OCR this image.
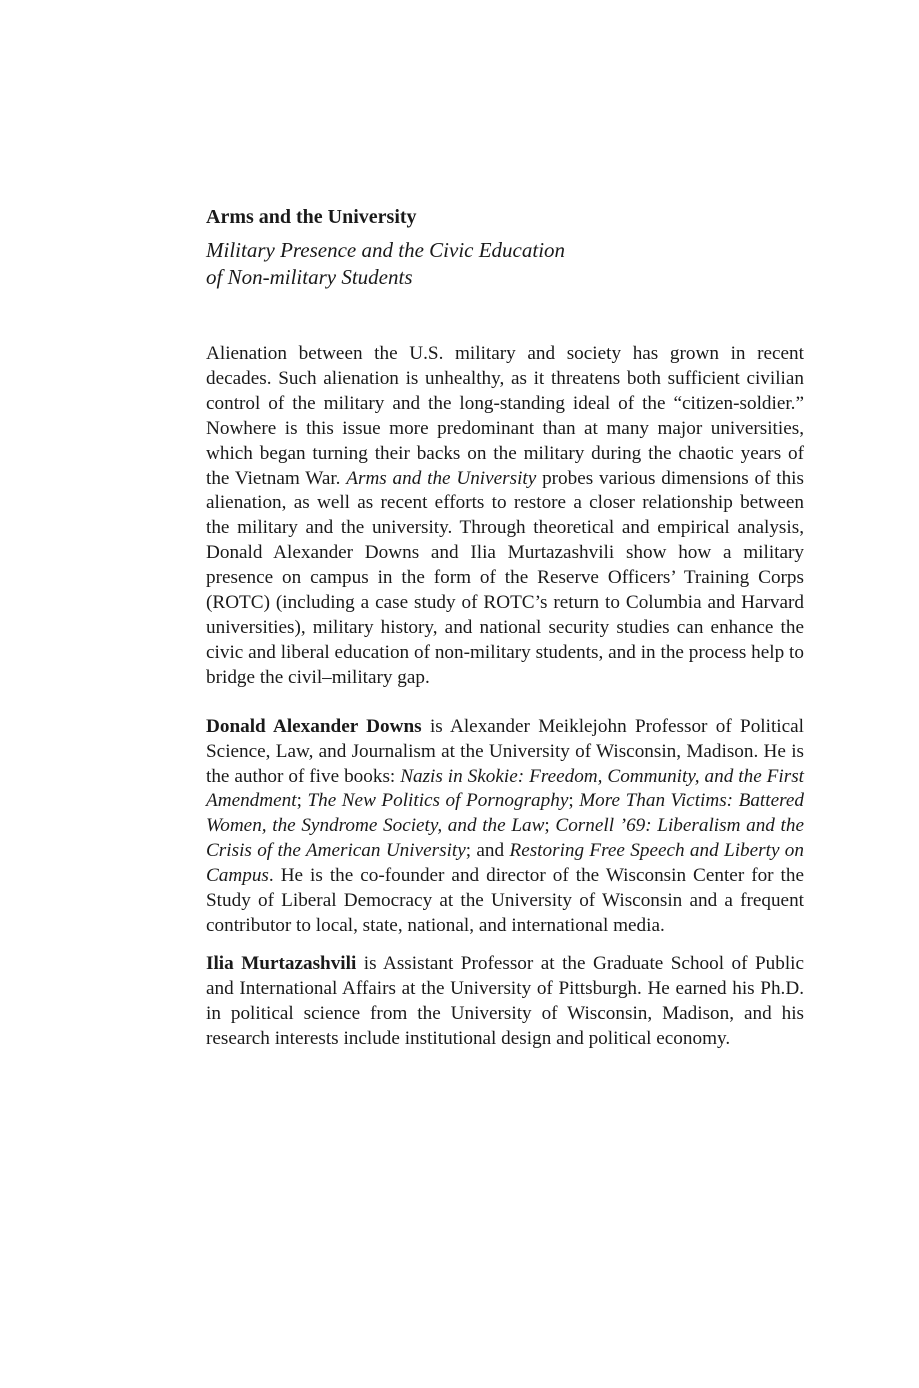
Arms and the University
Military Presence and the Civic Education
of Non-military Students

Alienation between the U.S. military and society has grown in recent decades. Such alienation is unhealthy, as it threatens both sufficient civilian control of the military and the long-standing ideal of the “citizen-soldier.” Nowhere is this issue more predominant than at many major universities, which began turning their backs on the military during the chaotic years of the Vietnam War. Arms and the University probes various dimensions of this alienation, as well as recent efforts to restore a closer relationship between the military and the university. Through theoretical and empirical analysis, Donald Alexander Downs and Ilia Murtazashvili show how a military presence on campus in the form of the Reserve Officers’ Training Corps (ROTC) (including a case study of ROTC’s return to Columbia and Harvard universities), military history, and national security studies can enhance the civic and liberal education of non-military students, and in the process help to bridge the civil–military gap.

Donald Alexander Downs is Alexander Meiklejohn Professor of Political Science, Law, and Journalism at the University of Wisconsin, Madison. He is the author of five books: Nazis in Skokie: Freedom, Community, and the First Amendment; The New Politics of Pornography; More Than Victims: Battered Women, the Syndrome Society, and the Law; Cornell ’69: Liberalism and the Crisis of the American University; and Restoring Free Speech and Liberty on Campus. He is the co-founder and director of the Wisconsin Center for the Study of Liberal Democracy at the University of Wisconsin and a frequent contributor to local, state, national, and international media.

Ilia Murtazashvili is Assistant Professor at the Graduate School of Public and International Affairs at the University of Pittsburgh. He earned his Ph.D. in political science from the University of Wisconsin, Madison, and his research interests include institutional design and political economy.
